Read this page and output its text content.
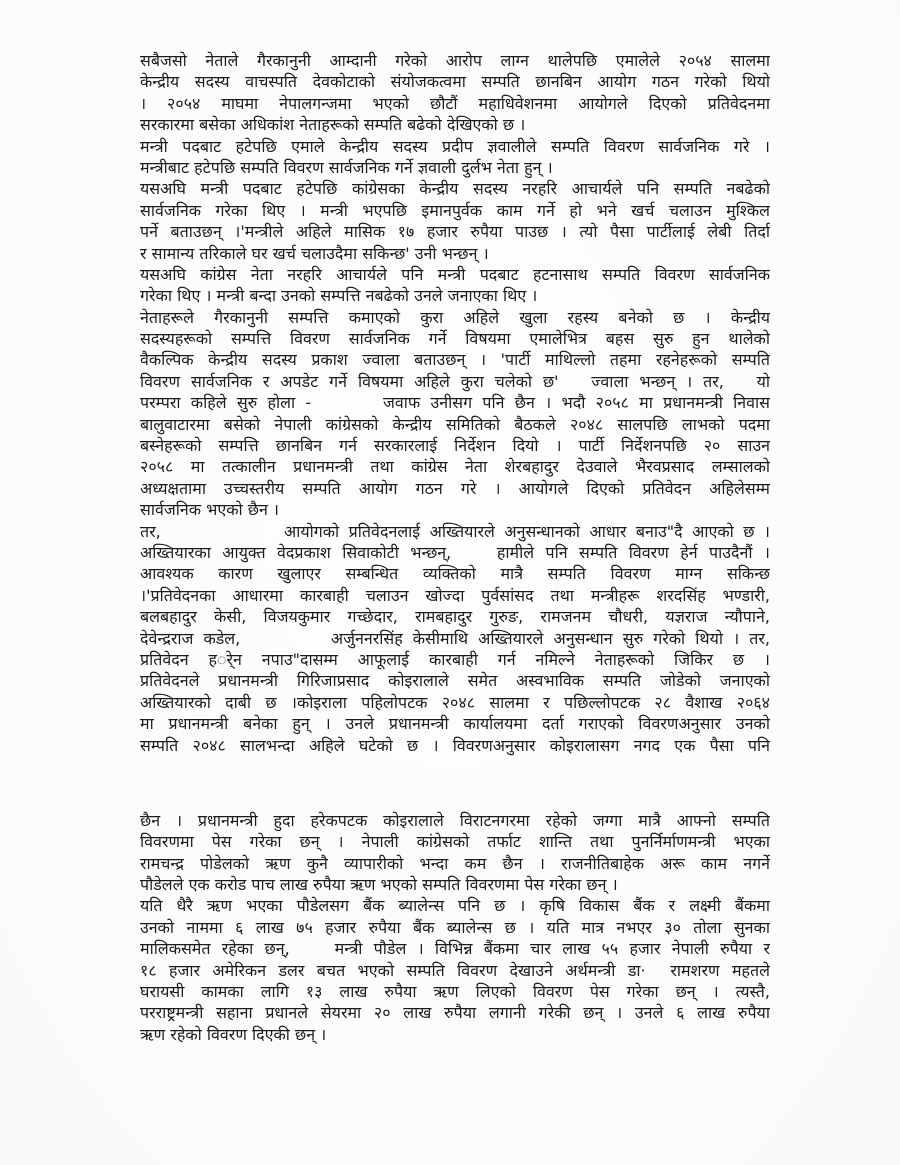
सबैजसो नेताले गैरकानुनी आम्दानी गरेको आरोप लाग्न थालेपछि एमालेले २०५४ सालमा
केन्द्रीय सदस्य वाचस्पति देवकोटाको संयोजकत्वमा सम्पति छानबिन आयोग गठन गरेको थियो
। २०५४ माघमा नेपालगन्जमा भएको छौटौं महाधिवेशनमा आयोगले दिएको प्रतिवेदनमा
सरकारमा बसेका अधिकांश नेताहरूको सम्पति बढेको देखिएको छ ।
मन्त्री पदबाट हटेपछि एमाले केन्द्रीय सदस्य प्रदीप ज्ञवालीले सम्पति विवरण सार्वजनिक गरे ।
मन्त्रीबाट हटेपछि सम्पति विवरण सार्वजनिक गर्ने ज्ञवाली दुर्लभ नेता हुन् ।
यसअघि मन्त्री पदबाट हटेपछि कांग्रेसका केन्द्रीय सदस्य नरहरि आचार्यले पनि सम्पति नबढेको
सार्वजनिक गरेका थिए । मन्त्री भएपछि इमानपुर्वक काम गर्ने हो भने खर्च चलाउन मुश्किल
पर्ने बताउछन् ।'मन्त्रीले अहिले मासिक १७ हजार रुपैया पाउछ । त्यो पैसा पार्टीलाई लेबी तिर्दा
र सामान्य तरिकाले घर खर्च चलाउदैमा सकिन्छ' उनी भन्छन् ।
यसअघि कांग्रेस नेता नरहरि आचार्यले पनि मन्त्री पदबाट हटनासाथ सम्पति विवरण सार्वजनिक
गरेका थिए । मन्त्री बन्दा उनको सम्पत्ति नबढेको उनले जनाएका थिए ।
नेताहरूले गैरकानुनी सम्पत्ति कमाएको कुरा अहिले खुला रहस्य बनेको छ । केन्द्रीय
सदस्यहरूको सम्पत्ति विवरण सार्वजनिक गर्ने विषयमा एमालेभित्र बहस सुरु हुन थालेको
वैकल्पिक केन्द्रीय सदस्य प्रकाश ज्वाला बताउछन् । 'पार्टी माथिल्लो तहमा रहनेहरूको सम्पति
विवरण सार्वजनिक र अपडेट गर्ने विषयमा अहिले कुरा चलेको छ'   ज्वाला भन्छन् । तर,   यो
परम्परा कहिले सुरु होला -       जवाफ उनीसग पनि छैन । भदौ २०५८ मा प्रधानमन्त्री निवास
बालुवाटारमा बसेको नेपाली कांग्रेसको केन्द्रीय समितिको बैठकले २०४८ सालपछि लाभको पदमा
बस्नेहरूको सम्पत्ति छानबिन गर्न सरकारलाई निर्देशन दियो । पार्टी निर्देशनपछि २० साउन
२०५८ मा तत्कालीन प्रधानमन्त्री तथा कांग्रेस नेता शेरबहादुर देउवाले भैरवप्रसाद लम्सालको
अध्यक्षतामा उच्चस्तरीय सम्पति आयोग गठन गरे । आयोगले दिएको प्रतिवेदन अहिलेसम्म
सार्वजनिक भएको छैन ।
तर,             आयोगको प्रतिवेदनलाई अख्तियारले अनुसन्धानको आधार बनाउ"दै आएको छ ।
अख्तियारका आयुक्त वेदप्रकाश सिवाकोटी भन्छन्,    हामीले पनि सम्पति विवरण हेर्न पाउदैनौं ।
आवश्यक कारण खुलाएर सम्बन्धित व्यक्तिको मात्रै सम्पति विवरण माग्न सकिन्छ
।'प्रतिवेदनका आधारमा कारबाही चलाउन खोज्दा पुर्वसांसद तथा मन्त्रीहरू शरदसिंह भण्डारी,
बलबहादुर केसी, विजयकुमार गच्छेदार, रामबहादुर गुरुङ, रामजनम चौधरी, यज्ञराज न्यौपाने,
देवेन्द्रराज कडेल,         अर्जुननरसिंह केसीमाथि अख्तियारले अनुसन्धान सुरु गरेको थियो । तर,
प्रतिवेदन हर्ेन नपाउ"दासम्म आफूलाई कारबाही गर्न नमिल्ने नेताहरूको जिकिर छ ।
प्रतिवेदनले प्रधानमन्त्री गिरिजाप्रसाद कोइरालाले समेत अस्वभाविक सम्पति जोडेको जनाएको
अख्तियारको दाबी छ ।कोइराला पहिलोपटक २०४८ सालमा र पछिल्लोपटक २८ वैशाख २०६४
मा प्रधानमन्त्री बनेका हुन् । उनले प्रधानमन्त्री कार्यालयमा दर्ता गराएको विवरणअनुसार उनको
सम्पति २०४८ सालभन्दा अहिले घटेको छ । विवरणअनुसार कोइरालासग नगद एक पैसा पनि
छैन । प्रधानमन्त्री हुदा हरेकपटक कोइरालाले विराटनगरमा रहेको जग्गा मात्रै आफ्नो सम्पति
विवरणमा पेस गरेका छन् । नेपाली कांग्रेसको तर्फाट शान्ति तथा पुनर्निर्माणमन्त्री भएका
रामचन्द्र पोडेलको ऋण कुनै व्यापारीको भन्दा कम छैन । राजनीतिबाहेक अरू काम नगर्ने
पौडेलले एक करोड पाच लाख रुपैया ऋण भएको सम्पति विवरणमा पेस गरेका छन् ।
यति धैरै ऋण भएका पौडेलसग बैंक ब्यालेन्स पनि छ । कृषि विकास बैंक र लक्ष्मी बैंकमा
उनको नाममा ६ लाख ७५ हजार रुपैया बैंक ब्यालेन्स छ । यति मात्र नभएर ३० तोला सुनका
मालिकसमेत रहेका छन्,    मन्त्री पौडेल । विभिन्न बैंकमा चार लाख ५५ हजार नेपाली रुपैया र
१८ हजार अमेरिकन डलर बचत भएको सम्पति विवरण देखाउने अर्थमन्त्री डा·  रामशरण महतले
घरायसी कामका लागि १३ लाख रुपैया ऋण लिएको विवरण पेस गरेका छन् । त्यस्तै,
परराष्ट्रमन्त्री सहाना प्रधानले सेयरमा २० लाख रुपैया लगानी गरेकी छन् । उनले ६ लाख रुपैया
ऋण रहेको विवरण दिएकी छन् ।
